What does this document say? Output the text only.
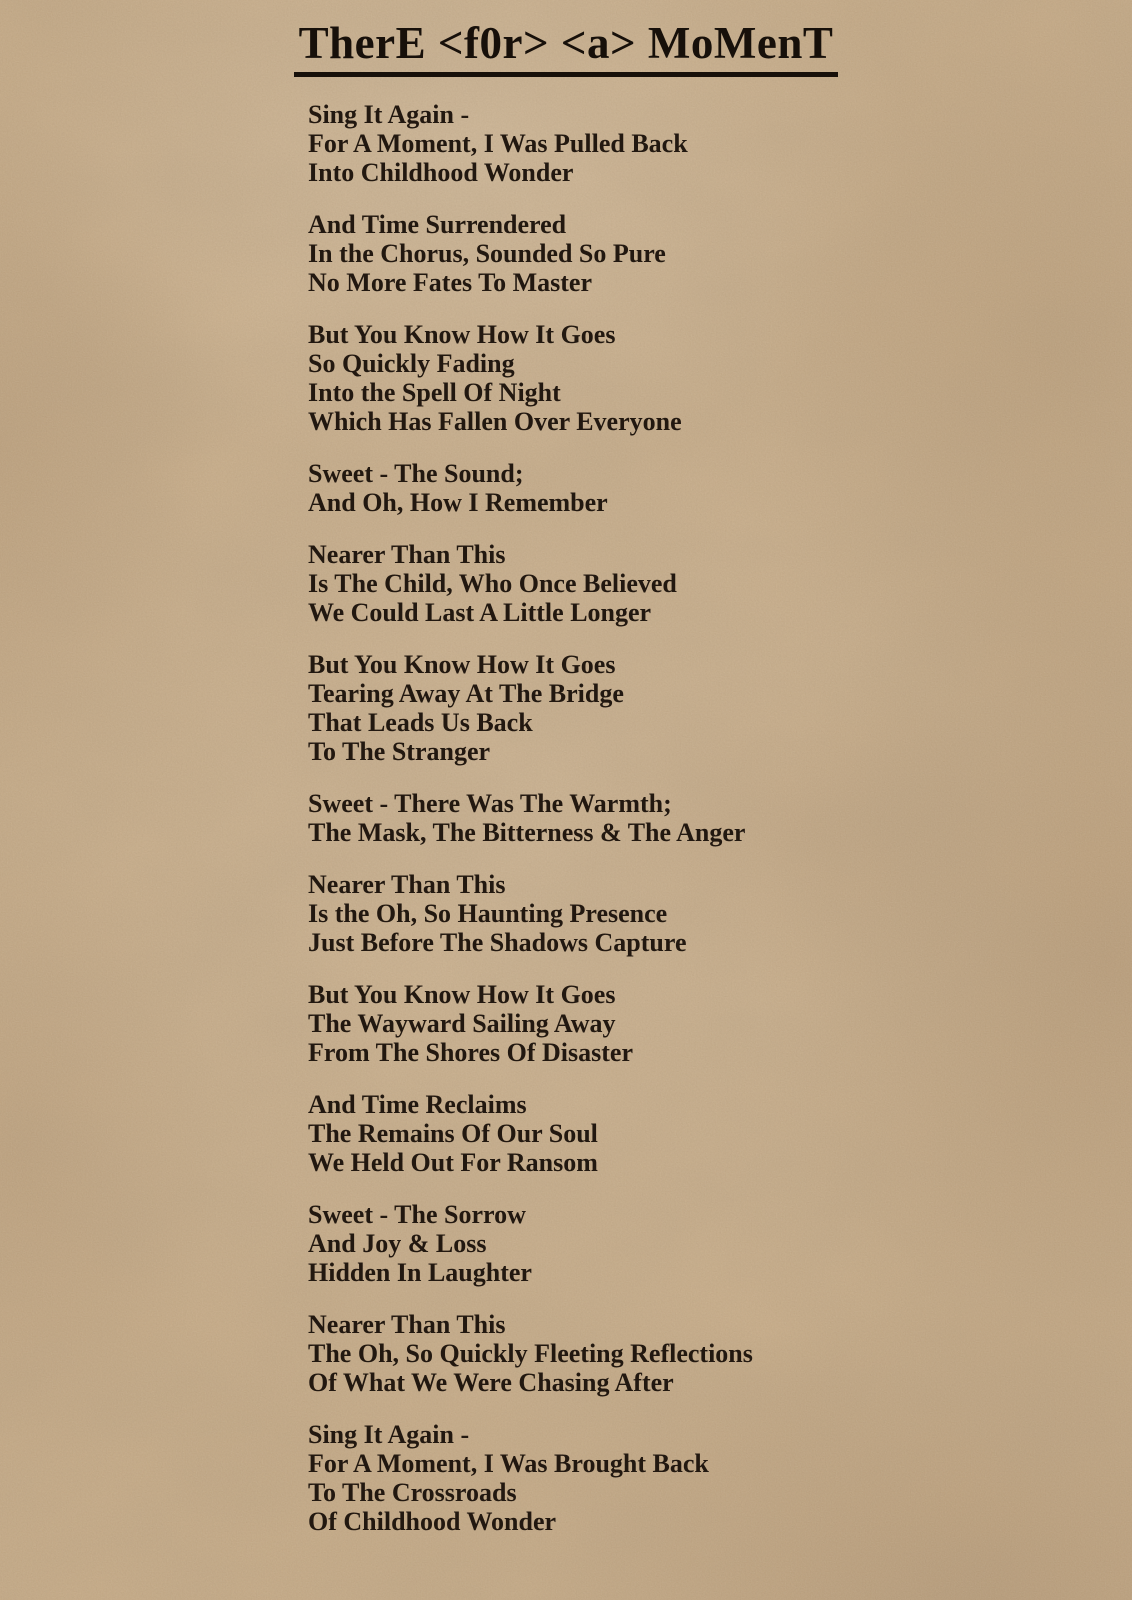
TherE <f0r> <a> MoMenT
Sing It Again -
For A Moment, I Was Pulled Back
Into Childhood Wonder
And Time Surrendered
In the Chorus, Sounded So Pure
No More Fates To Master
But You Know How It Goes
So Quickly Fading
Into the Spell Of Night
Which Has Fallen Over Everyone
Sweet - The Sound;
And Oh, How I Remember
Nearer Than This
Is The Child, Who Once Believed
We Could Last A Little Longer
But You Know How It Goes
Tearing Away At The Bridge
That Leads Us Back
To The Stranger
Sweet - There Was The Warmth;
The Mask, The Bitterness & The Anger
Nearer Than This
Is the Oh, So Haunting Presence
Just Before The Shadows Capture
But You Know How It Goes
The Wayward Sailing Away
From The Shores Of Disaster
And Time Reclaims
The Remains Of Our Soul
We Held Out For Ransom
Sweet - The Sorrow
And Joy & Loss
Hidden In Laughter
Nearer Than This
The Oh, So Quickly Fleeting Reflections
Of What We Were Chasing After
Sing It Again -
For A Moment, I Was Brought Back
To The Crossroads
Of Childhood Wonder
